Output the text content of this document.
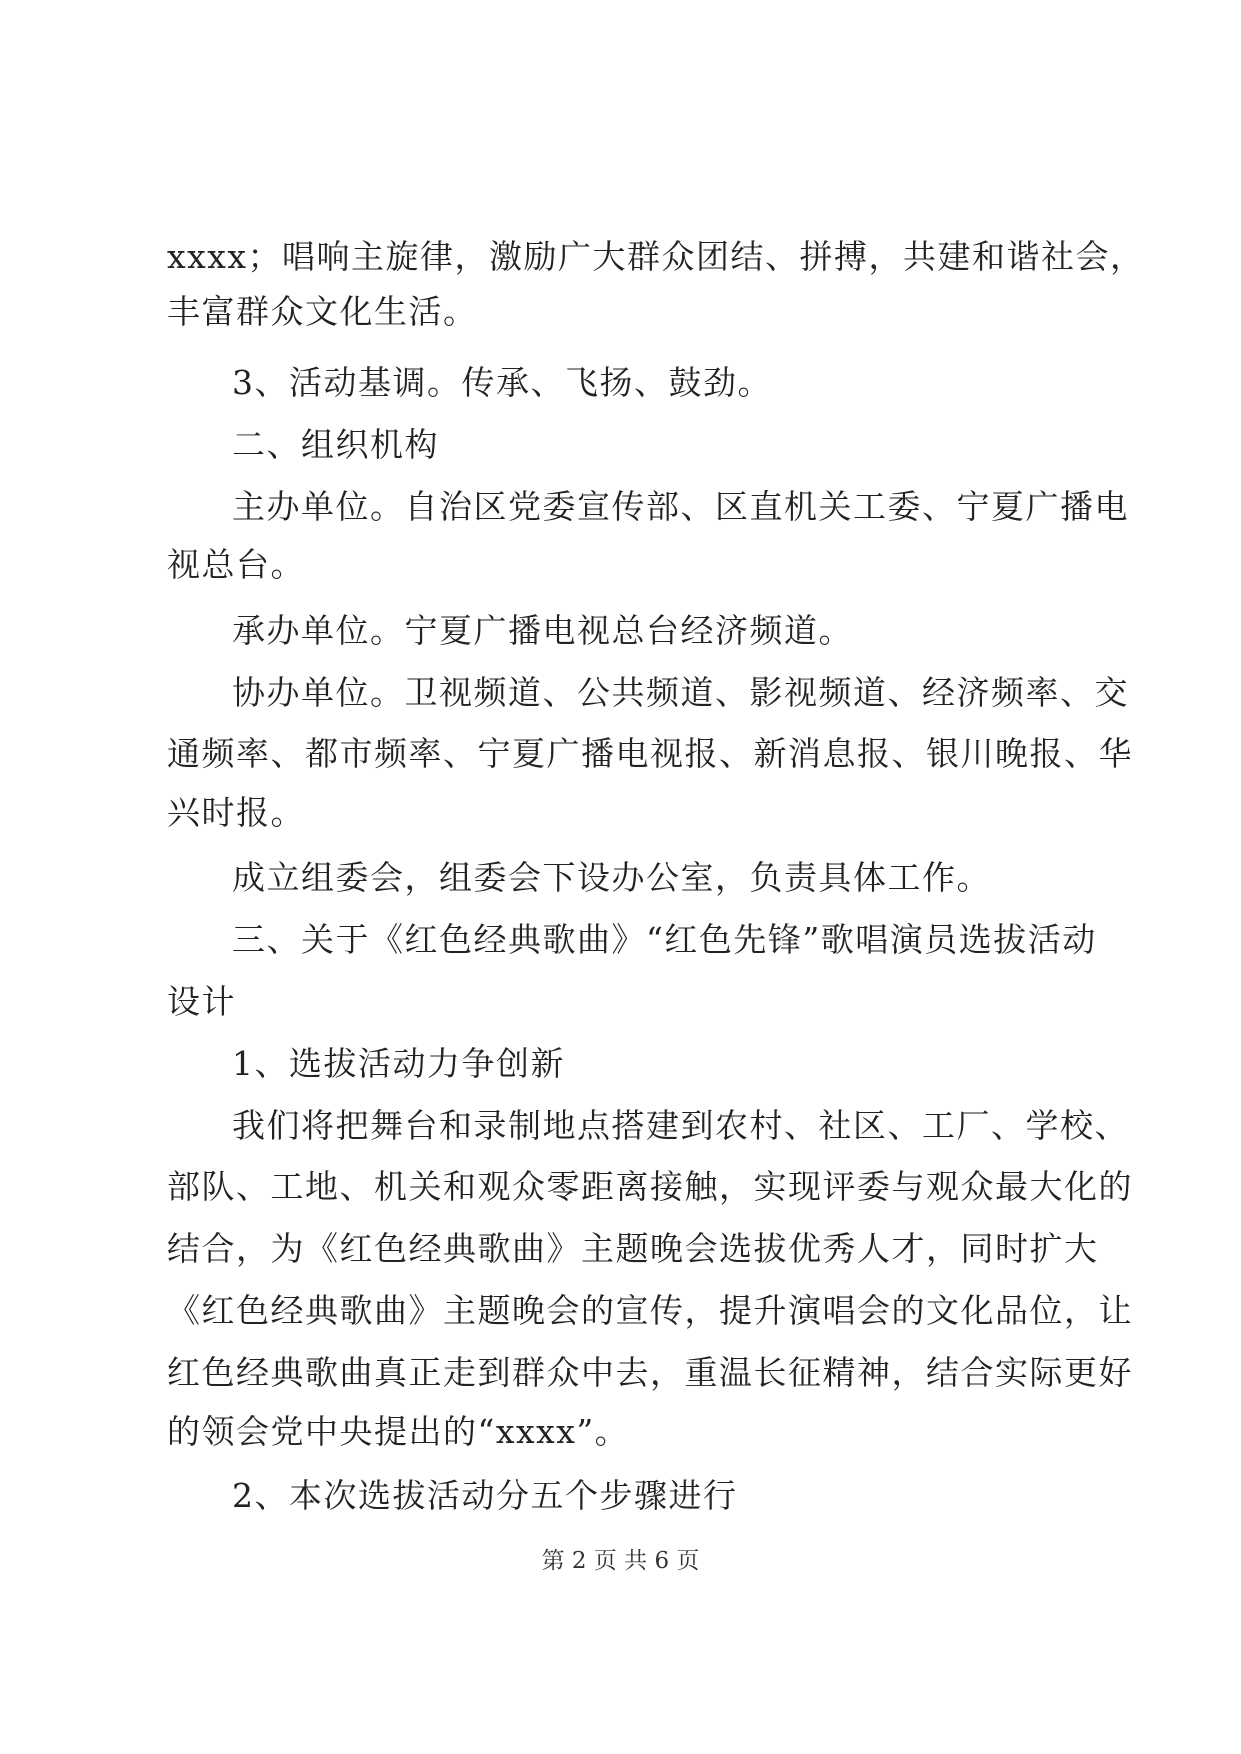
xxxx；唱响主旋律，激励广大群众团结、拼搏，共建和谐社会，
丰富群众文化生活。
3、活动基调。传承、飞扬、鼓劲。
二、组织机构
主办单位。自治区党委宣传部、区直机关工委、宁夏广播电
视总台。
承办单位。宁夏广播电视总台经济频道。
协办单位。卫视频道、公共频道、影视频道、经济频率、交
通频率、都市频率、宁夏广播电视报、新消息报、银川晚报、华
兴时报。
成立组委会，组委会下设办公室，负责具体工作。
三、关于《红色经典歌曲》“红色先锋”歌唱演员选拔活动
设计
1、选拔活动力争创新
我们将把舞台和录制地点搭建到农村、社区、工厂、学校、
部队、工地、机关和观众零距离接触，实现评委与观众最大化的
结合，为《红色经典歌曲》主题晚会选拔优秀人才，同时扩大
《红色经典歌曲》主题晚会的宣传，提升演唱会的文化品位，让
红色经典歌曲真正走到群众中去，重温长征精神，结合实际更好
的领会党中央提出的“xxxx”。
2、本次选拔活动分五个步骤进行
第 2 页 共 6 页
